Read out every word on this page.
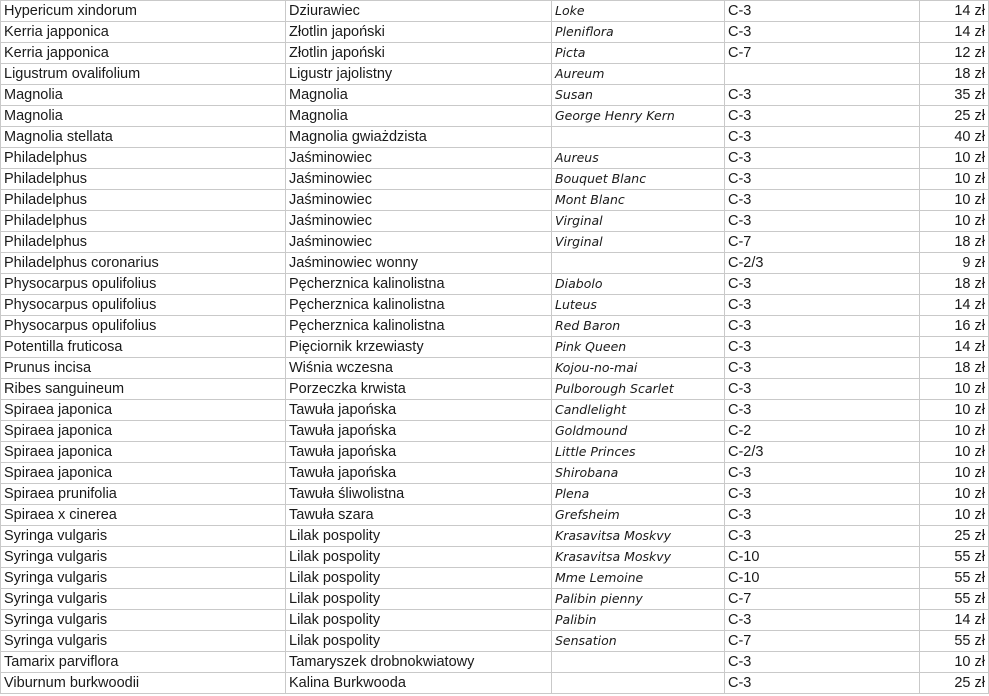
Hypericum xindorum	Dziurawiec	Loke	C-3	14 zł
Kerria japponica	Złotlin japoński	Pleniflora	C-3	14 zł
Kerria japponica	Złotlin japoński	Picta	C-7	12 zł
Ligustrum ovalifolium	Ligustr jajolistny	Aureum		18 zł
Magnolia	Magnolia	Susan	C-3	35 zł
Magnolia	Magnolia	George Henry Kern	C-3	25 zł
Magnolia stellata	Magnolia gwiażdzista		C-3	40 zł
Philadelphus	Jaśminowiec	Aureus	C-3	10 zł
Philadelphus	Jaśminowiec	Bouquet Blanc	C-3	10 zł
Philadelphus	Jaśminowiec	Mont Blanc	C-3	10 zł
Philadelphus	Jaśminowiec	Virginal	C-3	10 zł
Philadelphus	Jaśminowiec	Virginal	C-7	18 zł
Philadelphus coronarius	Jaśminowiec wonny		C-2/3	9 zł
Physocarpus opulifolius	Pęcherznica kalinolistna	Diabolo	C-3	18 zł
Physocarpus opulifolius	Pęcherznica kalinolistna	Luteus	C-3	14 zł
Physocarpus opulifolius	Pęcherznica kalinolistna	Red Baron	C-3	16 zł
Potentilla fruticosa	Pięciornik krzewiasty	Pink Queen	C-3	14 zł
Prunus incisa	Wiśnia wczesna	Kojou-no-mai	C-3	18 zł
Ribes sanguineum	Porzeczka krwista	Pulborough Scarlet	C-3	10 zł
Spiraea japonica	Tawuła japońska	Candlelight	C-3	10 zł
Spiraea japonica	Tawuła japońska	Goldmound	C-2	10 zł
Spiraea japonica	Tawuła japońska	Little Princes	C-2/3	10 zł
Spiraea japonica	Tawuła japońska	Shirobana	C-3	10 zł
Spiraea prunifolia	Tawuła śliwolistna	Plena	C-3	10 zł
Spiraea x cinerea	Tawuła szara	Grefsheim	C-3	10 zł
Syringa vulgaris	Lilak pospolity	Krasavitsa Moskvy	C-3	25 zł
Syringa vulgaris	Lilak pospolity	Krasavitsa Moskvy	C-10	55 zł
Syringa vulgaris	Lilak pospolity	Mme Lemoine	C-10	55 zł
Syringa vulgaris	Lilak pospolity	Palibin pienny	C-7	55 zł
Syringa vulgaris	Lilak pospolity	Palibin	C-3	14 zł
Syringa vulgaris	Lilak pospolity	Sensation	C-7	55 zł
Tamarix parviflora	Tamaryszek drobnokwiatowy		C-3	10 zł
Viburnum burkwoodii	Kalina Burkwooda		C-3	25 zł
